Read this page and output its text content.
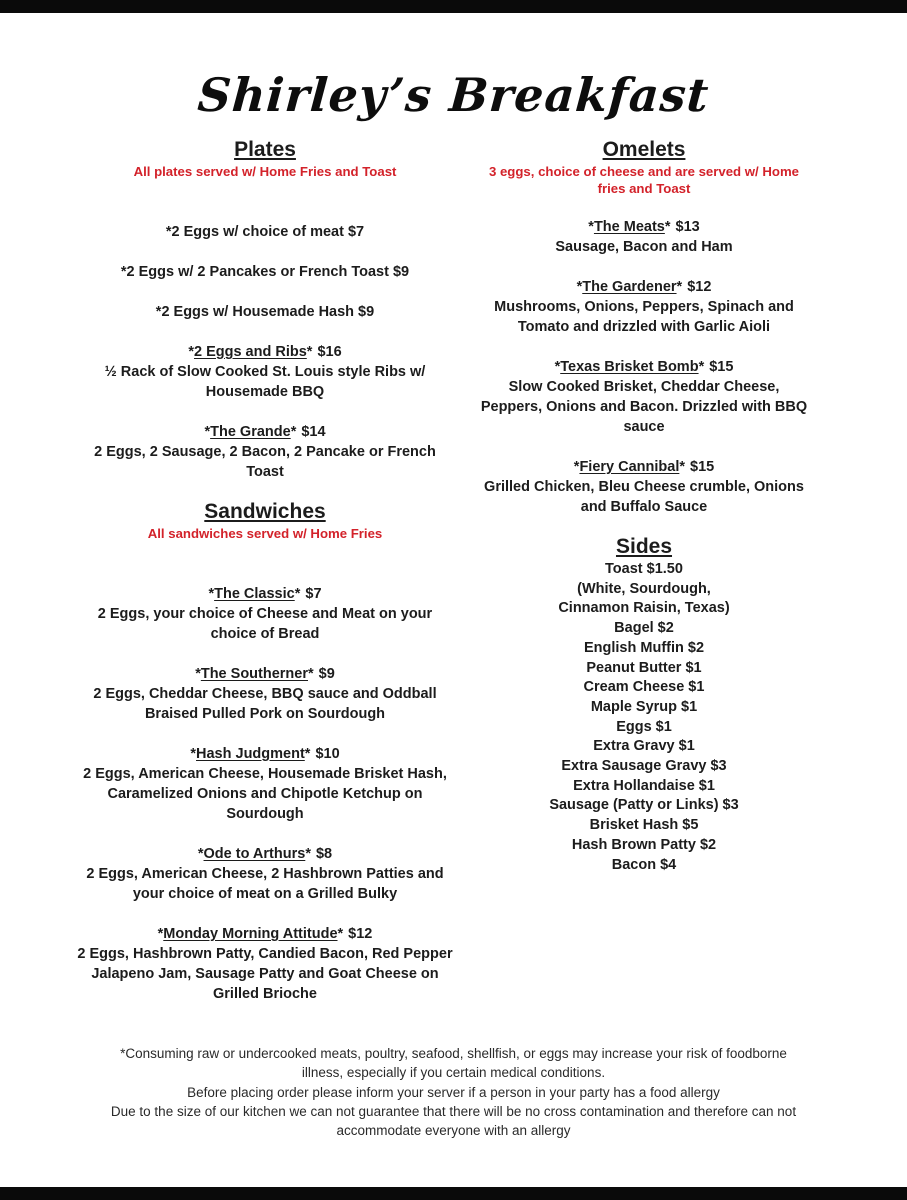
Shirley’s Breakfast
Plates
All plates served w/ Home Fries and Toast
*2 Eggs w/ choice of meat $7
*2 Eggs w/ 2 Pancakes or French Toast $9
*2 Eggs w/ Housemade Hash $9
*2 Eggs and Ribs* $16
½ Rack of Slow Cooked St. Louis style Ribs w/ Housemade BBQ
*The Grande* $14
2 Eggs, 2 Sausage, 2 Bacon, 2 Pancake or French Toast
Sandwiches
All sandwiches served w/ Home Fries
*The Classic* $7
2 Eggs, your choice of Cheese and Meat on your choice of Bread
*The Southerner* $9
2 Eggs, Cheddar Cheese, BBQ sauce and Oddball Braised Pulled Pork on Sourdough
*Hash Judgment* $10
2 Eggs, American Cheese, Housemade Brisket Hash, Caramelized Onions and Chipotle Ketchup on Sourdough
*Ode to Arthurs* $8
2 Eggs, American Cheese, 2 Hashbrown Patties and your choice of meat on a Grilled Bulky
*Monday Morning Attitude* $12
2 Eggs, Hashbrown Patty, Candied Bacon, Red Pepper Jalapeno Jam, Sausage Patty and Goat Cheese on Grilled Brioche
Omelets
3 eggs, choice of cheese and are served w/ Home fries and Toast
*The Meats* $13
Sausage, Bacon and Ham
*The Gardener* $12
Mushrooms, Onions, Peppers, Spinach and Tomato and drizzled with Garlic Aioli
*Texas Brisket Bomb* $15
Slow Cooked Brisket, Cheddar Cheese, Peppers, Onions and Bacon. Drizzled with BBQ sauce
*Fiery Cannibal* $15
Grilled Chicken, Bleu Cheese crumble, Onions and Buffalo Sauce
Sides
Toast $1.50
(White, Sourdough,
Cinnamon Raisin, Texas)
Bagel $2
English Muffin $2
Peanut Butter $1
Cream Cheese $1
Maple Syrup $1
Eggs $1
Extra Gravy $1
Extra Sausage Gravy $3
Extra Hollandaise $1
Sausage (Patty or Links) $3
Brisket Hash $5
Hash Brown Patty $2
Bacon $4
*Consuming raw or undercooked meats, poultry, seafood, shellfish, or eggs may increase your risk of foodborne
illness, especially if you certain medical conditions.
Before placing order please inform your server if a person in your party has a food allergy
Due to the size of our kitchen we can not guarantee that there will be no cross contamination and therefore can not
accommodate everyone with an allergy
